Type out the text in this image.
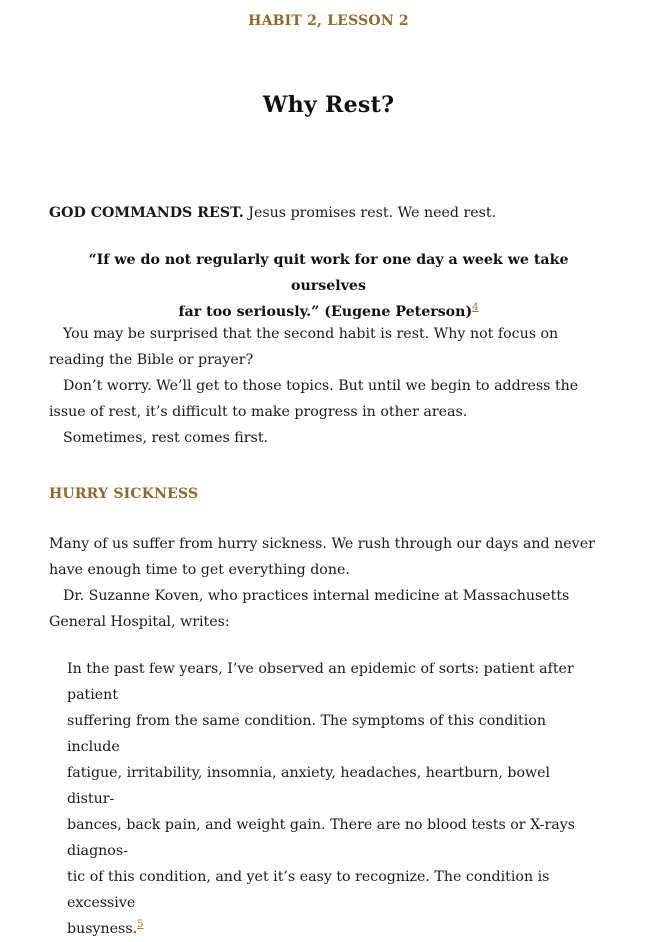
HABIT 2, LESSON 2
Why Rest?
GOD COMMANDS REST. Jesus promises rest. We need rest.
“If we do not regularly quit work for one day a week we take ourselves
far too seriously.” (Eugene Peterson)$^4$

You may be surprised that the second habit is rest. Why not focus on reading the Bible or prayer?

Don’t worry. We’ll get to those topics. But until we begin to address the issue of rest, it’s difficult to make progress in other areas.

Sometimes, rest comes first.

HURRY SICKNESS

Many of us suffer from hurry sickness. We rush through our days and never have enough time to get everything done.

Dr. Suzanne Koven, who practices internal medicine at Massachusetts General Hospital, writes:

In the past few years, I’ve observed an epidemic of sorts: patient after patient
suffering from the same condition. The symptoms of this condition include
fatigue, irritability, insomnia, anxiety, headaches, heartburn, bowel distur-
bances, back pain, and weight gain. There are no blood tests or X-rays diagnos-
tic of this condition, and yet it’s easy to recognize. The condition is excessive
busyness.$^5$
